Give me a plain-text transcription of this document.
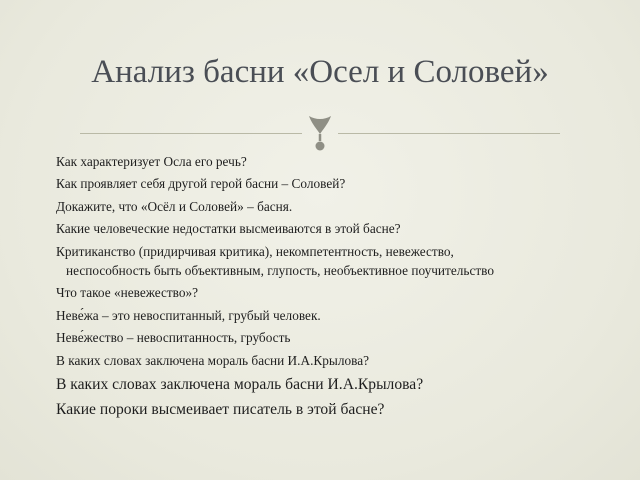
Анализ басни «Осел и Соловей»
Как характеризует Осла его речь?
Как проявляет себя другой герой басни – Соловей?
Докажите, что «Осёл и Соловей» – басня.
Какие человеческие недостатки высмеиваются в этой басне?
Критиканство (придирчивая критика), некомпетентность, невежество,
неспособность быть объективным, глупость, необъективное поучительство
Что такое «невежество»?
Неве́жа – это невоспитанный, грубый человек.
Неве́жество – невоспитанность, грубость
В каких словах заключена мораль басни И.А.Крылова?
В каких словах заключена мораль басни И.А.Крылова?
Какие пороки высмеивает писатель в этой басне?
